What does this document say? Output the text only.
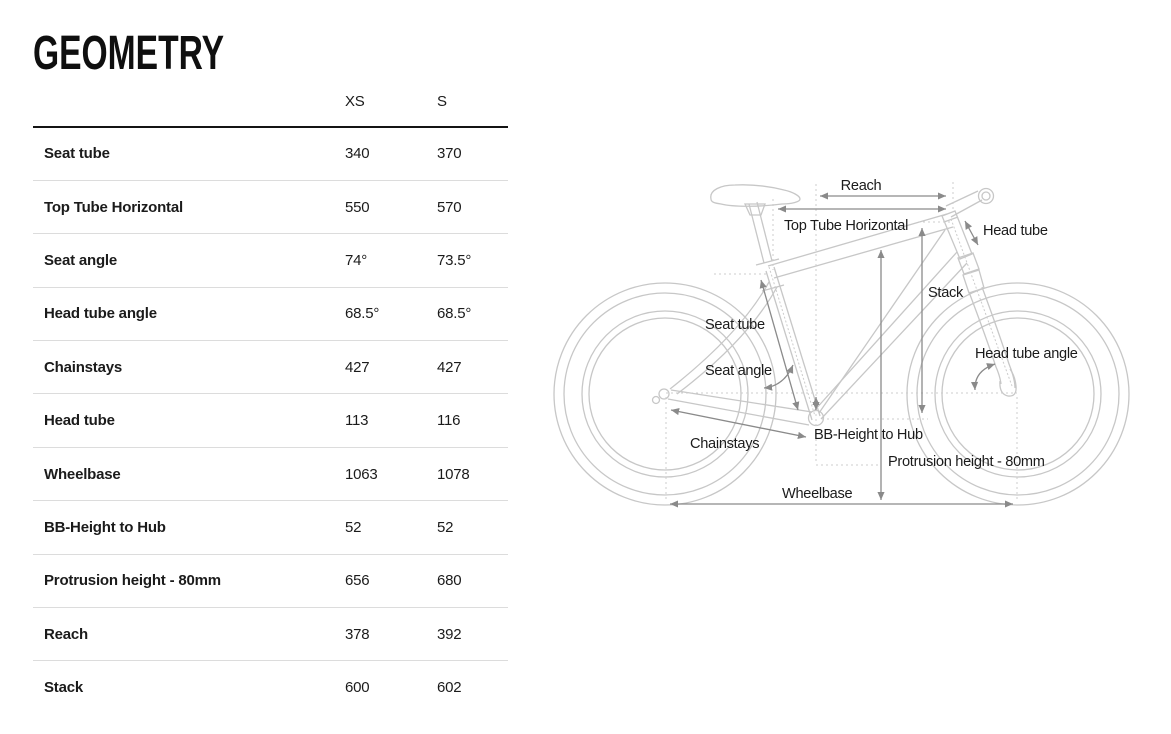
GEOMETRY
	XS	S
Seat tube	340	370
Top Tube Horizontal	550	570
Seat angle	74°	73.5°
Head tube angle	68.5°	68.5°
Chainstays	427	427
Head tube	113	116
Wheelbase	1063	1078
BB-Height to Hub	52	52
Protrusion height - 80mm	656	680
Reach	378	392
Stack	600	602
Reach
Top Tube Horizontal	Head tube
Stack
Seat tube
Seat angle
Head tube angle
Chainstays
BB-Height to Hub
Protrusion height - 80mm
Wheelbase
